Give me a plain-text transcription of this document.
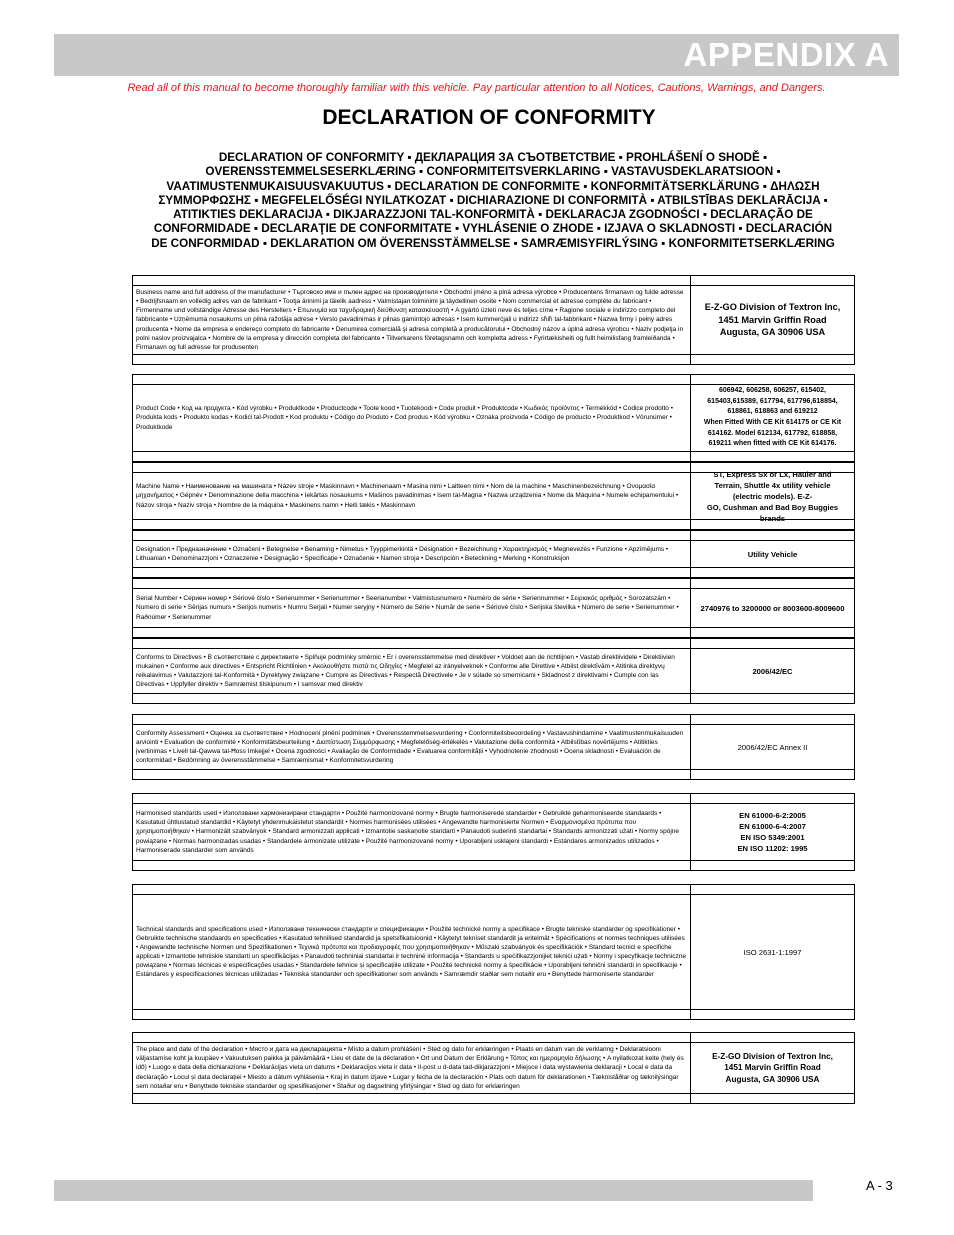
APPENDIX A
Read all of this manual to become thoroughly familiar with this vehicle. Pay particular attention to all Notices, Cautions, Warnings, and Dangers.
DECLARATION OF CONFORMITY
DECLARATION OF CONFORMITY ▪ ДЕКЛАРАЦИЯ ЗА СЪОТВЕТСТВИЕ ▪ PROHLÁŠENÍ O SHODĚ ▪
OVERENSSTEMMELSESERKLÆRING ▪ CONFORMITEITSVERKLARING ▪ VASTAVUSDEKLARATSIOON ▪
VAATIMUSTENMUKAISUUSVAKUUTUS ▪ DECLARATION DE CONFORMITE ▪ KONFORMITÄTSERKLÄRUNG ▪ ΔΗΛΩΣΗ
ΣΥΜΜΟΡΦΩΣΗΣ ▪ MEGFELELŐSÉGI NYILATKOZAT ▪ DICHIARAZIONE DI CONFORMITÀ ▪ ATBILSTĪBAS DEKLARĀCIJA ▪
ATITIKTIES DEKLARACIJA ▪ DIKJARAZZJONI TAL-KONFORMITÀ ▪ DEKLARACJA ZGODNOŚCI ▪ DECLARAÇÃO DE
CONFORMIDADE ▪ DECLARAŢIE DE CONFORMITATE ▪ VYHLÁSENIE O ZHODE ▪ IZJAVA O SKLADNOSTI ▪ DECLARACIÓN
DE CONFORMIDAD ▪ DEKLARATION OM ÖVERENSSTÄMMELSE ▪ SAMRÆMISYFIRLÝSING ▪ KONFORMITETSERKLÆRING
Business name and full address of the manufacturer • Търговско име и пълен адрес на производителя • Obchodní jméno a plná adresa výrobce • Producentens firmanavn og fulde adresse • Bedrijfsnaam en volledig adres van de fabrikant • Tootja ärinimi ja täielik aadress • Valmistajan toiminimi ja täydellinen osoite • Nom commercial et adresse complète du fabricant • Firmenname und vollständige Adresse des Herstellers • Επωνυμία και ταχυδρομική διεύθυνση κατασκευαστή • A gyártó üzleti neve és teljes címe • Ragione sociale e indirizzo completo del fabbricante • Uzņēmuma nosaukums un pilna ražotāja adrese • Verslo pavadinimas ir pilnas gamintojo adresas • Isem kummerċjali u indirizz sħiħ tal-fabbrikant • Nazwa firmy i pełny adres producenta • Nome da empresa e endereço completo do fabricante • Denumirea comercială şi adresa completă a producătorului • Obchodný názov a úplná adresa výrobcu • Naziv podjetja in polni naslov proizvajalca • Nombre de la empresa y dirección completa del fabricante • Tillverkarens företagsnamn och kompletta adress • Fyrirtækisheiti og fullt heimilisfang framleiðanda • Firmanavn og full adresse for produsenten
E-Z-GO Division of Textron Inc,
1451 Marvin Griffin Road
Augusta, GA 30906 USA
Product Code • Код на продукта • Kód výrobku • Produktkode • Productcode • Toote kood • Tuotekoodi • Code produit • Produktcode • Κωδικός προϊόντος • Termékkód • Codice prodotto • Produkta kods • Produkto kodas • Kodiċi tal-Prodott • Kod produktu • Código do Produto • Cod produs • Kód výrobku • Oznaka proizvoda • Código de producto • Produktkod • Vörunúmer • Produktkode
606942, 606258, 606257, 615402,
615403,615389, 617794, 617796,618854,
618861, 618863 and 619212
When Fitted With CE Kit 614175 or CE Kit
614162. Model 612134, 617792, 618858,
619211 when fitted with CE Kit 614176.
Machine Name • Наименование на машината • Název stroje • Maskinnavn • Machinenaam • Masina nimi • Laitteen nimi • Nom de la machine • Maschinenbezeichnung • Ονομασία μηχανήματος • Gépnév • Denominazione della macchina • Iekārtas nosaukums • Mašinos pavadinimas • Isem tal-Magna • Nazwa urządzenia • Nome da Máquina • Numele echipamentului • Názov stroja • Naziv stroja • Nombre de la máquina • Maskinens namn • Heiti tækis • Maskinnavn
ST, Express Sx or Lx, Hauler and
Terrain, Shuttle 4x utility vehicle
(electric models). E-Z-
GO, Cushman and Bad Boy Buggies
brands
Designation • Предназначение • Označení • Betegnelse • Benaming • Nimetus • Tyyppimerkintä • Désignation • Bezeichnung • Χαρακτηρισμός • Megnevezés • Funzione • Apzīmējums • Lithuanian • Denominazzjoni • Oznaczenie • Designação • Specificație • Označenie • Namen stroja • Descripción • Beteckning • Merking • Konstruksjon	Utility Vehicle
Serial Number • Сериен номер • Sériové číslo • Serienummer • Serienummer • Seerianumber • Valmistusnumero • Numéro de série • Seriennummer • Σειριακός αριθμός • Sorozatszám • Numero di serie • Sērijas numurs • Serijos numeris • Numru Serjali • Numer seryjny • Número de Série • Număr de serie • Sériové číslo • Serijska številka • Número de serie • Serienummer • Raðnúmer • Serienummer
2740976 to 3200000 or 8003600-8009600
Conforms to Directives • В съответствие с директивите • Splňuje podmínky směrnic • Er i overensstemmelse med direktiver • Voldoet aan de richtlijnen • Vastab direktiividele • Direktiivien mukainen • Conforme aux directives • Entspricht Richtlinien • Ακολουθήστε πιστά τις Οδηγίες • Megfelel az irányelveknek • Conforme alle Direttive • Atbilst direktīvām • Atitinka direktyvų reikalavimus • Valutazzjoni tal-Konformità • Dyrektywy związane • Cumpre as Directivas • Respectă Directivele • Je v súlade so smernicami • Skladnost z direktivami • Cumple con las Directivas • Uppfyller direktiv • Samræmist tilskipunum • I samsvar med direktiv
2006/42/EC
Conformity Assessment • Оценка за съответствие • Hodnocení plnění podmínek • Overensstemmelsesvurdering • Conformiteitsbeoordeling • Vastavushindamine • Vaatimustenmukaisuuden arviointi • Evaluation de conformité • Konformitätsbeurteilung • Διαπίστωση Συμμόρφωσης • Megfelelőség-értékelés • Valutazione della conformità • Atbilstības novērtējums • Atitikties įvertinimas • Livell tal-Qawwa tal-Ħoss Imkejjel • Ocena zgodności • Avaliação de Conformidade • Evaluarea conformității • Vyhodnotenie zhodnosti • Ocena skladnosti • Evaluación de conformidad • Bedömning av överensstämmelse • Samræmismat • Konformitetsvurdering
2006/42/EC Annex II
Harmonised standards used • Използвани хармонизирани стандарти • Použité harmonizované normy • Brugte harmoniserede standarder • Gebruikte geharmoniseerde standaards • Kasutatud ühtlustatud standardid • Käytetyt yhdenmukaistetut standardit • Normes harmonisées utilisées • Angewandte harmonisierte Normen • Εναρμονισμένα πρότυπα που χρησιμοποιήθηκαν • Harmonizált szabványok • Standard armonizzati applicati • Izmantotie saskaņotie standarti • Panaudoti suderinti standartai • Standards armonizzati użati • Normy spójne powiązane • Normas harmonizadas usadas • Standardele armonizate utilizate • Použité harmonizované normy • Uporabljeni usklajeni standardi • Estándares armonizados utilizados • Harmoniserade standarder som används
EN 61000-6-2:2005
EN 61000-6-4:2007
EN ISO 5349:2001
EN ISO 11202: 1995
Technical standards and specifications used • Използвани технически стандарти и спецификации • Použité technické normy a specifikace • Brugte tekniske standarder og specifikationer • Gebruikte technische standaards en specificaties • Kasutatud tehnilised standardid ja spetsifikatsioonid • Käytetyt tekniset standardit ja eritelmät • Spécifications et normes techniques utilisées • Angewandte technische Normen und Spezifikationen • Τεχνικά πρότυπα και προδιαγραφές που χρησιμοποιήθηκαν • Műszaki szabványok és specifikációk • Standard tecnici e specifiche applicati • Izmantotie tehniskie standarti un specifikācijas • Panaudoti techniniai standartai ir techninė informacija • Standards u speċifikazzjonijiet tekniċi użati • Normy i specyfikacje techniczne powiązane • Normas técnicas e especificações usadas • Standardele tehnice și specificațiile utilizate • Použité technické normy a špecifikácie • Uporabljeni tehnični standardi in specifikacije • Estándares y especificaciones técnicas utilizadas • Tekniska standarder och specifikationer som används • Samræmdir staðlar sem notaðir eru • Benyttede harmoniserte standarder
ISO 2631-1:1997
The place and date of the declaration • Място и дата на декларацията • Místo a datum prohlášení • Sted og dato for erklæringen • Plaats en datum van de verklaring • Deklaratsiooni väljastamise koht ja kuupäev • Vakuutuksen paikka ja päivämäärä • Lieu et date de la déclaration • Ort und Datum der Erklärung • Τόπος και ημερομηνία δήλωσης • A nyilatkozat kelte (hely és idő) • Luogo e data della dichiarazione • Deklarācijas vieta un datums • Deklaracijos vieta ir data • Il-post u d-data tad-dikjarazzjoni • Miejsce i data wystawienia deklaracji • Local e data da declaração • Locul și data declarației • Miesto a dátum vyhlásenia • Kraj in datum izjave • Lugar y fecha de la declaración • Plats och datum för deklarationen • Tækniståðlar og tæknilýsingar sem notaðar eru • Benyttede tekniske standarder og spesifikasjoner • Staður og dagsetning yfirlýsingar • Sted og dato for erklæringen
E-Z-GO Division of Textron Inc,
1451 Marvin Griffin Road
Augusta, GA 30906 USA
A - 3
